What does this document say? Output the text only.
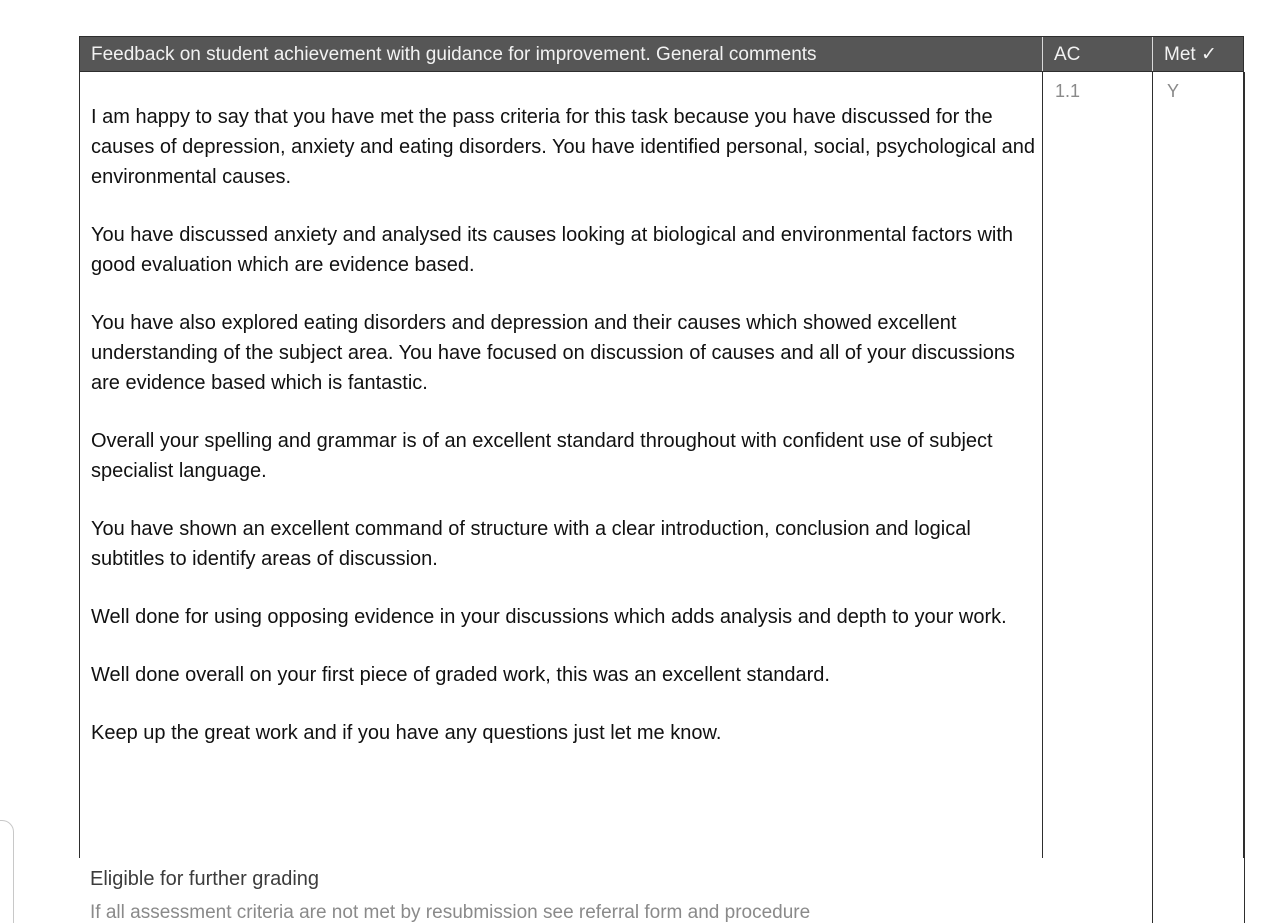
Feedback on student achievement with guidance for improvement. General comments	AC	Met ✓

I am happy to say that you have met the pass criteria for this task because you have discussed for the causes of depression, anxiety and eating disorders. You have identified personal, social, psychological and environmental causes.

You have discussed anxiety and analysed its causes looking at biological and environmental factors with good evaluation which are evidence based.

You have also explored eating disorders and depression and their causes which showed excellent understanding of the subject area. You have focused on discussion of causes and all of your discussions are evidence based which is fantastic.

Overall your spelling and grammar is of an excellent standard throughout with confident use of subject specialist language.

You have shown an excellent command of structure with a clear introduction, conclusion and logical subtitles to identify areas of discussion.

Well done for using opposing evidence in your discussions which adds analysis and depth to your work.

Well done overall on your first piece of graded work, this was an excellent standard.

Keep up the great work and if you have any questions just let me know.

1.1	Y
Eligible for further grading
If all assessment criteria are not met by resubmission see referral form and procedure
